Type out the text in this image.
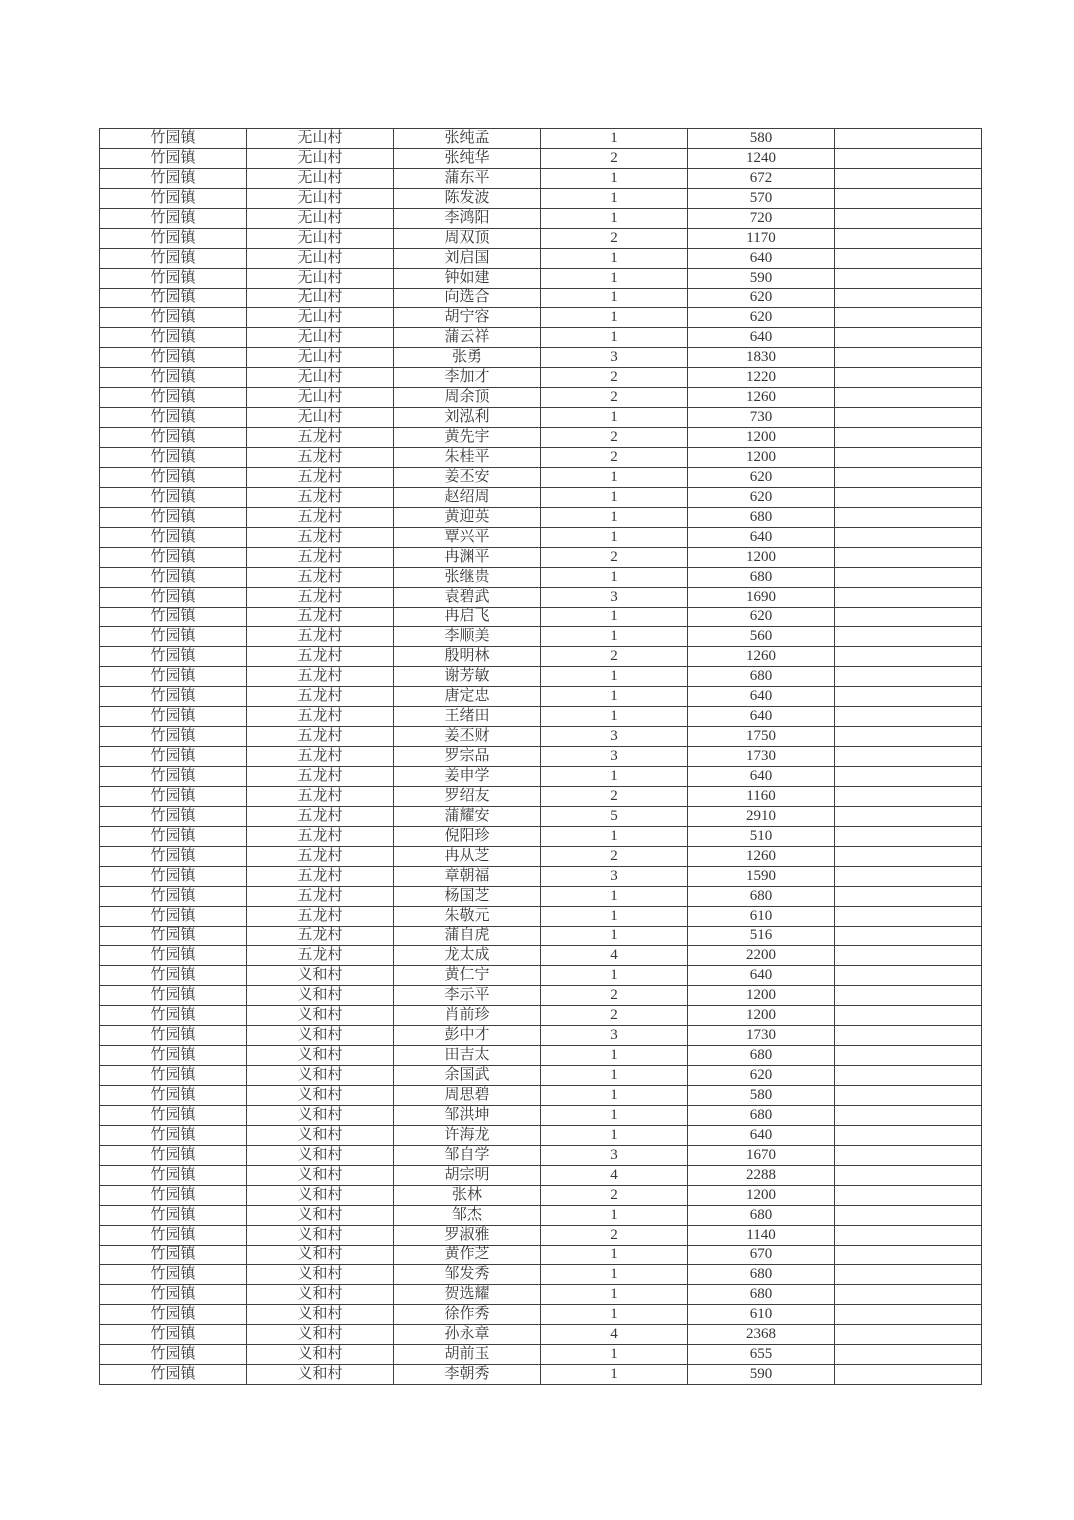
竹园镇	无山村	张纯孟	1	580	
竹园镇	无山村	张纯华	2	1240	
竹园镇	无山村	蒲东平	1	672	
竹园镇	无山村	陈发波	1	570	
竹园镇	无山村	李鸿阳	1	720	
竹园镇	无山村	周双顶	2	1170	
竹园镇	无山村	刘启国	1	640	
竹园镇	无山村	钟如建	1	590	
竹园镇	无山村	向选合	1	620	
竹园镇	无山村	胡宁容	1	620	
竹园镇	无山村	蒲云祥	1	640	
竹园镇	无山村	张勇	3	1830	
竹园镇	无山村	李加才	2	1220	
竹园镇	无山村	周余顶	2	1260	
竹园镇	无山村	刘泓利	1	730	
竹园镇	五龙村	黄先宇	2	1200	
竹园镇	五龙村	朱桂平	2	1200	
竹园镇	五龙村	姜丕安	1	620	
竹园镇	五龙村	赵绍周	1	620	
竹园镇	五龙村	黄迎英	1	680	
竹园镇	五龙村	覃兴平	1	640	
竹园镇	五龙村	冉渊平	2	1200	
竹园镇	五龙村	张继贵	1	680	
竹园镇	五龙村	袁碧武	3	1690	
竹园镇	五龙村	冉启飞	1	620	
竹园镇	五龙村	李顺美	1	560	
竹园镇	五龙村	殷明林	2	1260	
竹园镇	五龙村	谢芳敏	1	680	
竹园镇	五龙村	唐定忠	1	640	
竹园镇	五龙村	王绪田	1	640	
竹园镇	五龙村	姜丕财	3	1750	
竹园镇	五龙村	罗宗品	3	1730	
竹园镇	五龙村	姜申学	1	640	
竹园镇	五龙村	罗绍友	2	1160	
竹园镇	五龙村	蒲耀安	5	2910	
竹园镇	五龙村	倪阳珍	1	510	
竹园镇	五龙村	冉从芝	2	1260	
竹园镇	五龙村	章朝福	3	1590	
竹园镇	五龙村	杨国芝	1	680	
竹园镇	五龙村	朱敬元	1	610	
竹园镇	五龙村	蒲自虎	1	516	
竹园镇	五龙村	龙太成	4	2200	
竹园镇	义和村	黄仁宁	1	640	
竹园镇	义和村	李示平	2	1200	
竹园镇	义和村	肖前珍	2	1200	
竹园镇	义和村	彭中才	3	1730	
竹园镇	义和村	田吉太	1	680	
竹园镇	义和村	余国武	1	620	
竹园镇	义和村	周思碧	1	580	
竹园镇	义和村	邹洪坤	1	680	
竹园镇	义和村	许海龙	1	640	
竹园镇	义和村	邹自学	3	1670	
竹园镇	义和村	胡宗明	4	2288	
竹园镇	义和村	张林	2	1200	
竹园镇	义和村	邹杰	1	680	
竹园镇	义和村	罗淑雅	2	1140	
竹园镇	义和村	黄作芝	1	670	
竹园镇	义和村	邹发秀	1	680	
竹园镇	义和村	贺选耀	1	680	
竹园镇	义和村	徐作秀	1	610	
竹园镇	义和村	孙永章	4	2368	
竹园镇	义和村	胡前玉	1	655	
竹园镇	义和村	李朝秀	1	590	
